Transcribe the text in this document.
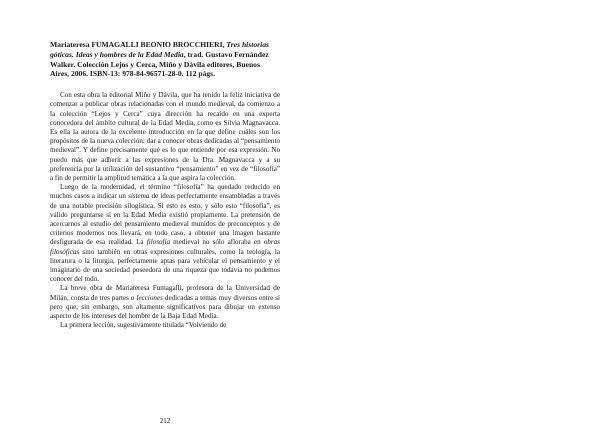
Mariateresa FUMAGALLI BEONIO BROCCHIERI, Tres historias góticas. Ideas y hombres de la Edad Media, trad. Gustavo Fernández Walker. Colección Lejos y Cerca, Miño y Dávila editores, Buenos Aires, 2006. ISBN-13: 978-84-96571-28-0. 112 págs.

Con esta obra la editorial Miño y Dávila, que ha tenido la feliz iniciativa de comenzar a publicar obras relacionadas con el mundo medieval, da comienzo a la colección “Lejos y Cerca” cuya dirección ha recaído en una experta conocedora del ámbito cultural de la Edad Media, como es Silvia Magnavacca. Es ella la autora de la excelente introducción en la que define cuáles son los propósitos de la nueva colección: dar a conocer obras dedicadas al “pensamiento medieval”. Y define precisamente qué es lo que entiende por esa expresión. No puedo más que adherir a las expresiones de la Dra. Magnavacca y a su preferencia por la utilización del sustantivo “pensamiento” en vez de “filosofía” a fin de permitir la amplitud temática a la que aspira la colección.

Luego de la modernidad, el término “filosofía” ha quedado reducido en muchos casos a indicar un sistema de ideas perfectamente ensambladas a través de una notable precisión silogística. Si esto es esto, y sólo esto “filosofía”, es válido preguntarse si en la Edad Media existió propiamente. La pretensión de acercarnos al estudio del pensamiento medieval munidos de preconceptos y de criterios modernos nos llevará, en todo caso, a obtener una imagen bastante desfigurada de esa realidad. La filosofía medieval no sólo afloraba en obras filosóficas sino también en otras expresiones culturales, como la teología, la literatura o la liturgia, perfectamente aptas para vehicular el pensamiento y el imaginario de una sociedad poseedora de una riqueza que todavía no podemos conocer del todo.

La breve obra de Mariateresa Fumagalli, profesora de la Universidad de Milán, consta de tres partes o lecciones dedicadas a temas muy diversos entre sí pero que, sin embargo, son altamente significativos para dibujar un extenso aspecto de los intereses del hombre de la Baja Edad Media.

La primera lección, sugestivamente titulada “Volviendo de

212
